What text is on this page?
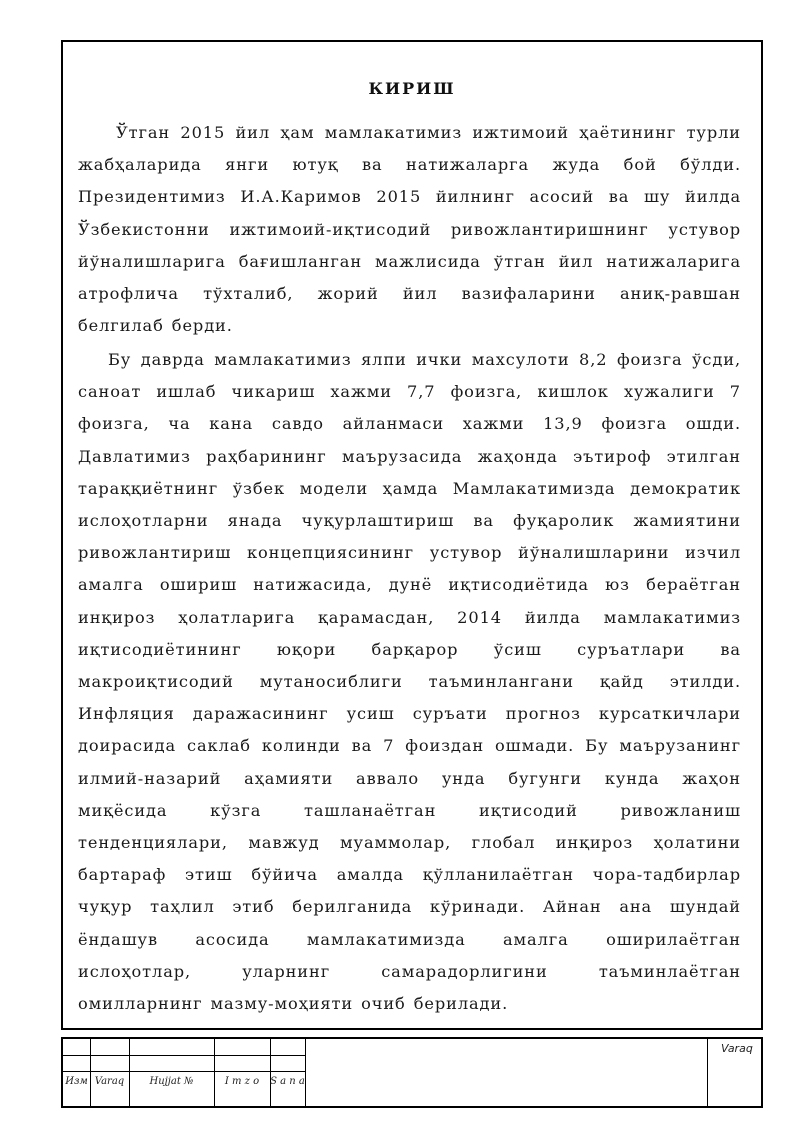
КИРИШ
Ўтган 2015 йил ҳам мамлакатимиз ижтимоий ҳаётининг турли жабҳаларида янги ютуқ ва натижаларга жуда бой бўлди. Президентимиз И.А.Каримов 2015 йилнинг асосий ва шу йилда Ўзбекистонни ижтимоий-иқтисодий ривожлантиришнинг устувор йўналишларига бағишланган мажлисида ўтган йил натижаларига атрофлича тўхталиб, жорий йил вазифаларини аниқ-равшан белгилаб берди.
Бу даврда мамлакатимиз ялпи ички махсулоти 8,2 фоизга ўсди, саноат ишлаб чикариш хажми 7,7 фоизга, кишлок хужалиги 7 фоизга, ча кана савдо айланмаси хажми 13,9 фоизга ошди. Давлатимиз раҳбарининг маърузасида жаҳонда эътироф этилган тараққиётнинг ўзбек модели ҳамда Мамлакатимизда демократик ислоҳотларни янада чуқурлаштириш ва фуқаролик жамиятини ривожлантириш концепциясининг устувор йўналишларини изчил амалга ошириш натижасида, дунё иқтисодиётида юз бераётган инқироз ҳолатларига қарамасдан, 2014 йилда мамлакатимиз иқтисодиётининг юқори барқарор ўсиш суръатлари ва макроиқтисодий мутаносиблиги таъминлангани қайд этилди. Инфляция даражасининг усиш суръати прогноз курсаткичлари доирасида саклаб колинди ва 7 фоиздан ошмади. Бу маърузанинг илмий-назарий аҳамияти аввало унда бугунги кунда жаҳон миқёсида кўзга ташланаётган иқтисодий ривожланиш тенденциялари, мавжуд муаммолар, глобал инқироз ҳолатини бартараф этиш бўйича амалда қўлланилаётган чора-тадбирлар чуқур таҳлил этиб берилганида кўринади. Айнан ана шундай ёндашув асосида мамлакатимизда амалга оширилаётган ислоҳотлар, уларнинг самарадорлигини таъминлаётган омилларнинг мазму-моҳияти очиб берилади.
Изм Varaq	Hujjat №	I m z o	S a n a
Varaq
